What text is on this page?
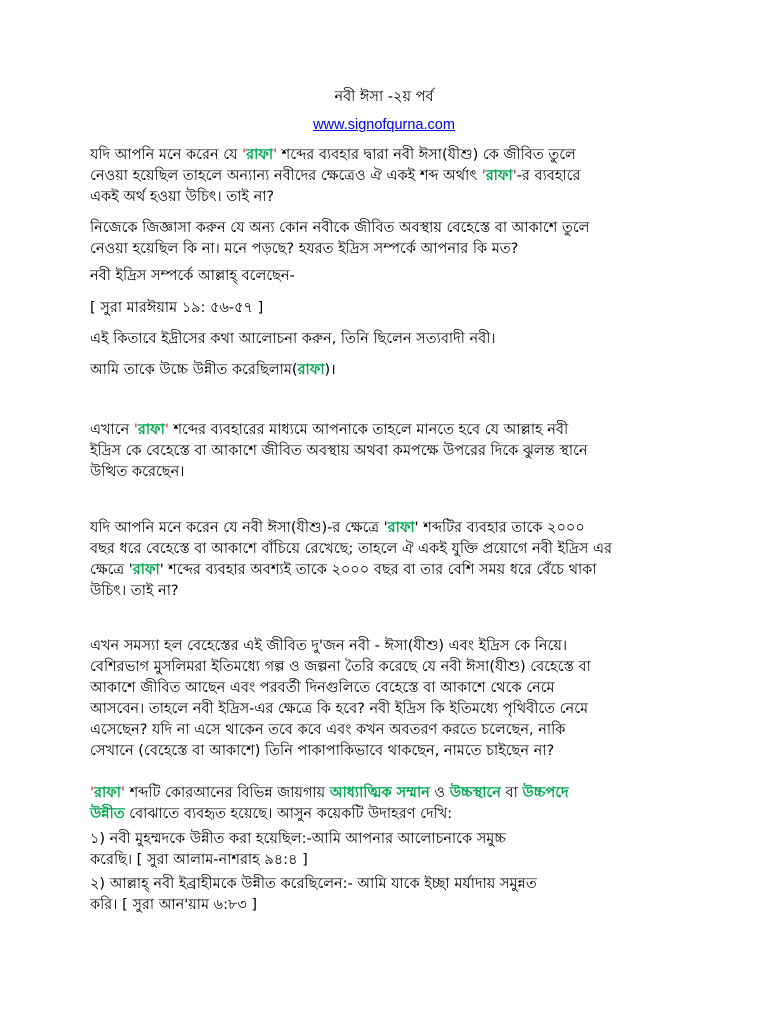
নবী ঈসা -২য় পর্ব
www.signofqurna.com
যদি আপনি মনে করেন যে 'রাফা' শব্দের ব্যবহার দ্বারা নবী ঈসা(যীশু) কে জীবিত তুলে
নেওয়া হয়েছিল তাহলে অন্যান্য নবীদের ক্ষেত্রেও ঐ একই শব্দ অর্থাৎ 'রাফা'-র ব্যবহারে
একই অর্থ হওয়া উচিৎ। তাই না?
নিজেকে জিজ্ঞাসা করুন যে অন্য কোন নবীকে জীবিত অবস্থায় বেহেস্তে বা আকাশে তুলে
নেওয়া হয়েছিল কি না। মনে পড়ছে? হযরত ইদ্রিস সম্পর্কে আপনার কি মত?
নবী ইদ্রিস সম্পর্কে আল্লাহ্ বলেছেন-
[ সুরা মারঈয়াম ১৯: ৫৬-৫৭ ]
এই কিতাবে ইদ্রীসের কথা আলোচনা করুন, তিনি ছিলেন সত্যবাদী নবী।
আমি তাকে উচ্চে উন্নীত করেছিলাম(রাফা)।
এখানে 'রাফা' শব্দের ব্যবহারের মাধ্যমে আপনাকে তাহলে মানতে হবে যে আল্লাহ নবী
ইদ্রিস কে বেহেস্তে বা আকাশে জীবিত অবস্থায় অথবা কমপক্ষে উপরের দিকে ঝুলন্ত স্থানে
উত্থিত করেছেন।
যদি আপনি মনে করেন যে নবী ঈসা(যীশু)-র ক্ষেত্রে 'রাফা' শব্দটির ব্যবহার তাকে ২০০০
বছর ধরে বেহেস্তে বা আকাশে বাঁচিয়ে রেখেছে; তাহলে ঐ একই যুক্তি প্রয়োগে নবী ইদ্রিস এর
ক্ষেত্রে 'রাফা' শব্দের ব্যবহার অবশ্যই তাকে ২০০০ বছর বা তার বেশি সময় ধরে বেঁচে থাকা
উচিৎ। তাই না?
এখন সমস্যা হল বেহেস্তের এই জীবিত দু'জন নবী - ঈসা(যীশু) এবং ইদ্রিস কে নিয়ে।
বেশিরভাগ মুসলিমরা ইতিমধ্যে গল্প ও জল্পনা তৈরি করেছে যে নবী ঈসা(যীশু) বেহেস্তে বা
আকাশে জীবিত আছেন এবং পরবর্তী দিনগুলিতে বেহেস্তে বা আকাশে থেকে নেমে
আসবেন। তাহলে নবী ইদ্রিস-এর ক্ষেত্রে কি হবে? নবী ইদ্রিস কি ইতিমধ্যে পৃথিবীতে নেমে
এসেছেন? যদি না এসে থাকেন তবে কবে এবং কখন অবতরণ করতে চলেছেন, নাকি
সেখানে (বেহেস্তে বা আকাশে) তিনি পাকাপাকিভাবে থাকছেন, নামতে চাইছেন না?
'রাফা' শব্দটি কোরআনের বিভিন্ন জায়গায় আধ্যাত্মিক সম্মান ও উচ্চস্থানে বা উচ্চপদে
উন্নীত বোঝাতে ব্যবহৃত হয়েছে। আসুন কয়েকটি উদাহরণ দেখি:
১) নবী মুহম্মদকে উন্নীত করা হয়েছিল:-আমি আপনার আলোচনাকে সমুচ্চ
করেছি। [ সুরা আলাম-নাশরাহ ৯৪:৪ ]
২) আল্লাহ্ নবী ইব্রাহীমকে উন্নীত করেছিলেন:- আমি যাকে ইচ্ছা মর্যাদায় সমুন্নত
করি। [ সুরা আন'য়াম ৬:৮৩ ]
